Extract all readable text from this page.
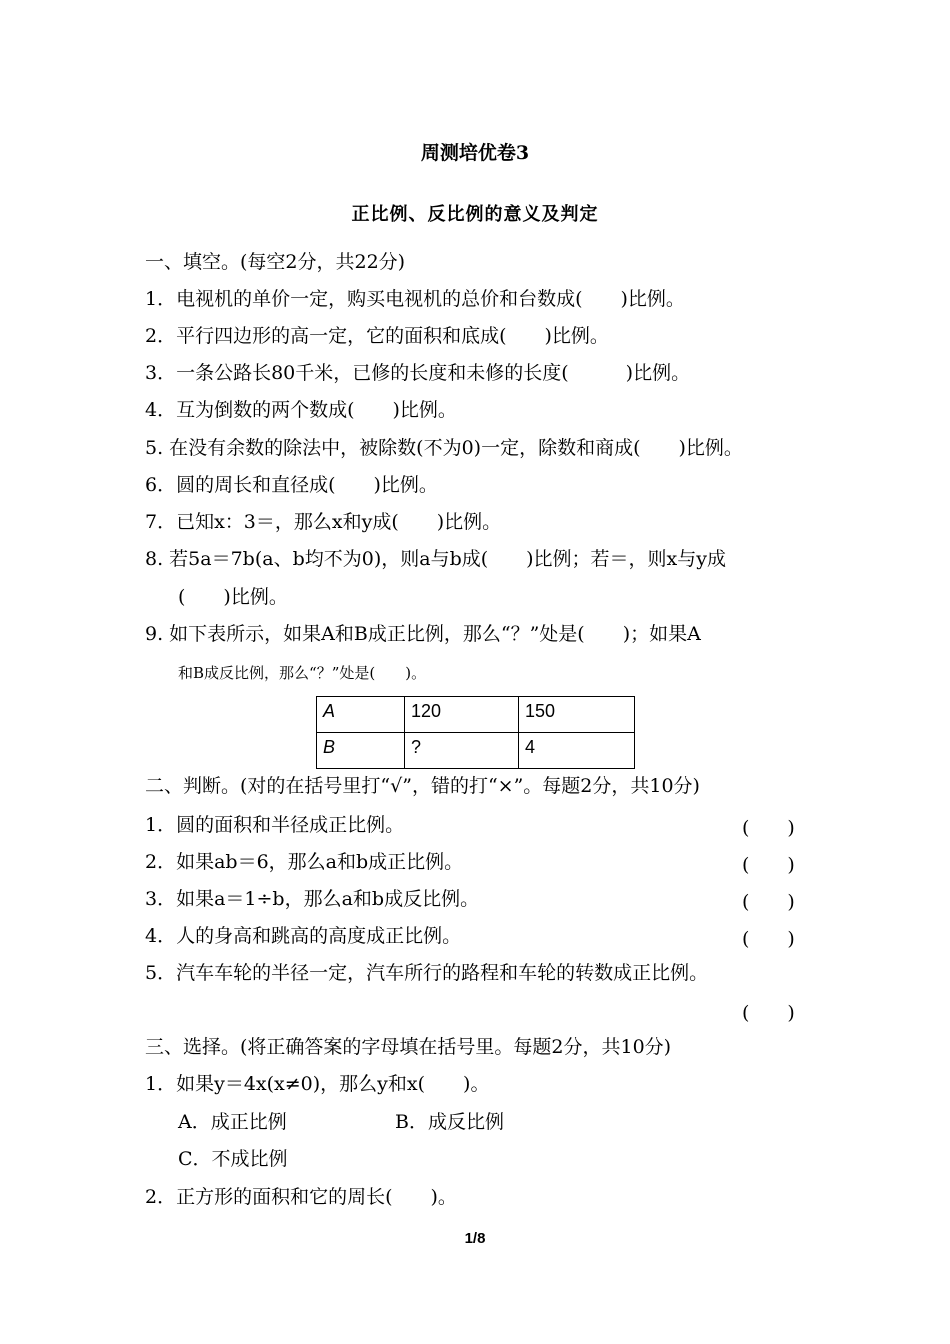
周测培优卷3
正比例、反比例的意义及判定
一、填空。(每空2分，共22分)
1．电视机的单价一定，购买电视机的总价和台数成(　　)比例。
2．平行四边形的高一定，它的面积和底成(　　)比例。
3．一条公路长80千米，已修的长度和未修的长度(　　　)比例。
4．互为倒数的两个数成(　　)比例。
5. 在没有余数的除法中，被除数(不为0)一定，除数和商成(　　)比例。
6．圆的周长和直径成(　　)比例。
7．已知x：3＝，那么x和y成(　　)比例。
8. 若5a＝7b(a、b均不为0)，则a与b成(　　)比例；若＝，则x与y成
(　　)比例。
9. 如下表所示，如果A和B成正比例，那么“？”处是(　　)；如果A
和B成反比例，那么“？”处是(　　)。
A	120	150
B	?	4
二、判断。(对的在括号里打“√”，错的打“×”。每题2分，共10分)
1．圆的面积和半径成正比例。	(　　)
2．如果ab＝6，那么a和b成正比例。	(　　)
3．如果a＝1÷b，那么a和b成反比例。	(　　)
4．人的身高和跳高的高度成正比例。	(　　)
5．汽车车轮的半径一定，汽车所行的路程和车轮的转数成正比例。
(　　)
三、选择。(将正确答案的字母填在括号里。每题2分，共10分)
1．如果y＝4x(x≠0)，那么y和x(　　)。
A．成正比例	B．成反比例
C．不成比例
2．正方形的面积和它的周长(　　)。
1/8
